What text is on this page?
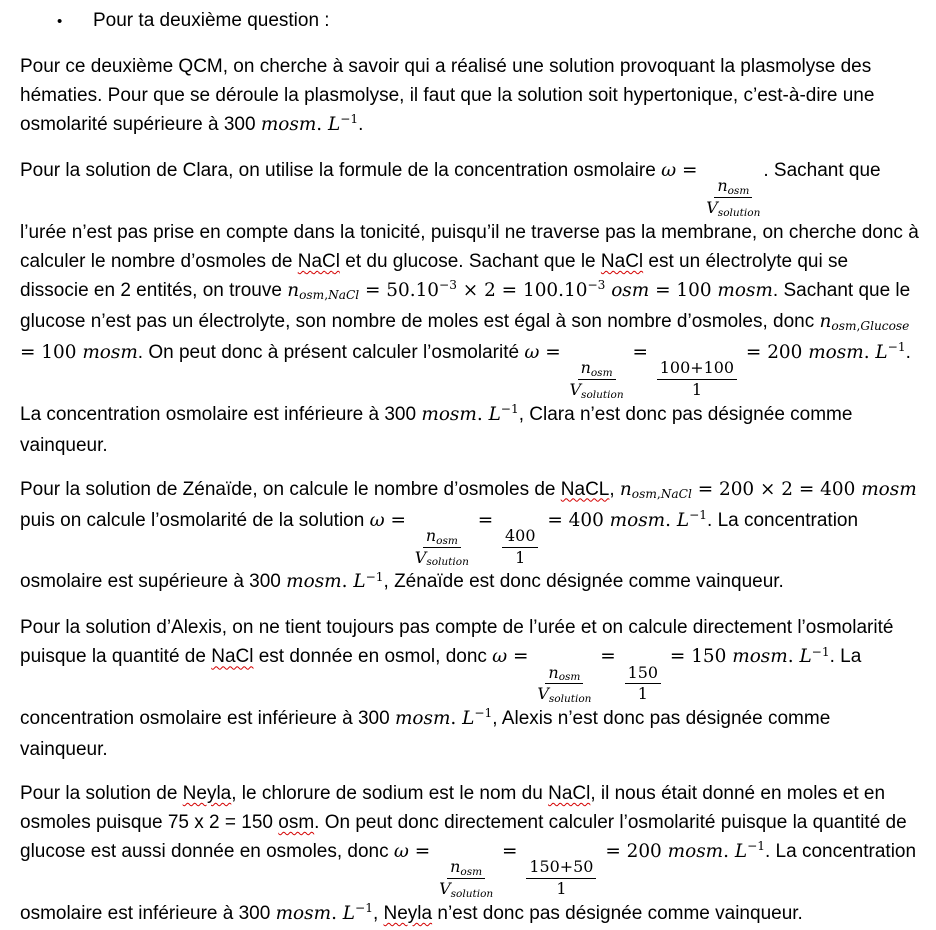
• Pour ta deuxième question :

Pour ce deuxième QCM, on cherche à savoir qui a réalisé une solution provoquant la plasmolyse des hématies. Pour que se déroule la plasmolyse, il faut que la solution soit hypertonique, c’est-à-dire une osmolarité supérieure à 300 mosm. $L^{-1}$.

Pour la solution de Clara, on utilise la formule de la concentration osmolaire ω =
$\frac{n_{osm}}{V_{solution}}$
. Sachant que l’urée n’est pas prise en compte dans la tonicité, puisqu’il ne traverse pas la membrane, on cherche donc à calculer le nombre d’osmoles de NaCl et du glucose. Sachant que le NaCl est un électrolyte qui se dissocie en 2 entités, on trouve $n_{osm,NaCl} = 50.10^{-3} \times 2 = 100.10^{-3}$ osm = 100 mosm. Sachant que le glucose n’est pas un électrolyte, son nombre de moles est égal à son nombre d’osmoles, donc $n_{osm,Glucose} = 100$ mosm. On peut donc à présent calculer l’osmolarité ω =
$\frac{n_{osm}}{V_{solution}}$
=
$\frac{100+100}{1}$
= 200 mosm. $L^{-1}$. La concentration osmolaire est inférieure à 300 mosm. $L^{-1}$, Clara n’est donc pas désignée comme vainqueur.

Pour la solution de Zénaïde, on calcule le nombre d’osmoles de NaCL, $n_{osm,NaCl} = 200 \times 2 = 400$ mosm puis on calcule l’osmolarité de la solution ω =
$\frac{n_{osm}}{V_{solution}}$
=
$\frac{400}{1}$
= 400 mosm. $L^{-1}$. La concentration osmolaire est supérieure à 300 mosm. $L^{-1}$, Zénaïde est donc désignée comme vainqueur.

Pour la solution d’Alexis, on ne tient toujours pas compte de l’urée et on calcule directement l’osmolarité puisque la quantité de NaCl est donnée en osmol, donc ω =
$\frac{n_{osm}}{V_{solution}}$
=
$\frac{150}{1}$
= 150 mosm. $L^{-1}$. La concentration osmolaire est inférieure à 300 mosm. $L^{-1}$, Alexis n’est donc pas désignée comme vainqueur.

Pour la solution de Neyla, le chlorure de sodium est le nom du NaCl, il nous était donné en moles et en osmoles puisque 75 x 2 = 150 osm. On peut donc directement calculer l’osmolarité puisque la quantité de glucose est aussi donnée en osmoles, donc ω =
$\frac{n_{osm}}{V_{solution}}$
=
$\frac{150+50}{1}$
= 200 mosm. $L^{-1}$. La concentration osmolaire est inférieure à 300 mosm. $L^{-1}$, Neyla n’est donc pas désignée comme vainqueur.
